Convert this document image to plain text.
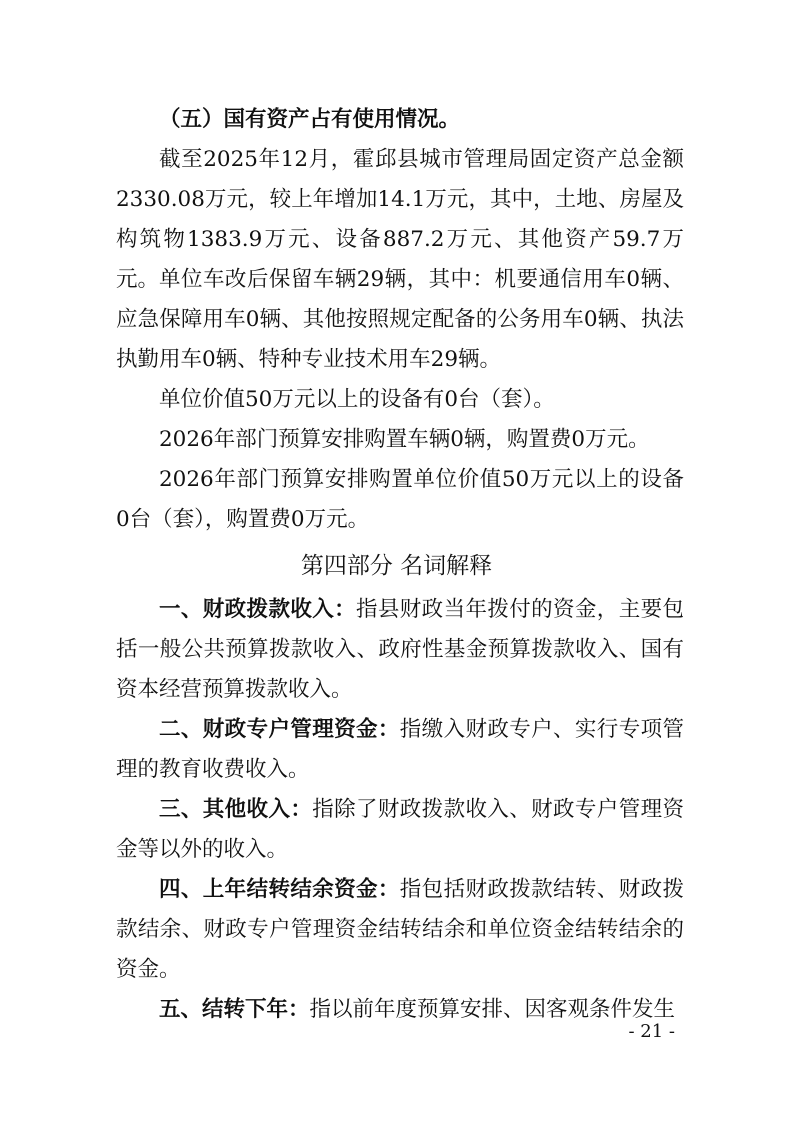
（五）国有资产占有使用情况。

截至2025年12月，霍邱县城市管理局固定资产总金额2330.08万元，较上年增加14.1万元，其中，土地、房屋及构筑物1383.9万元、设备887.2万元、其他资产59.7万元。 单位车改后保留车辆29辆，其中：机要通信用车0辆、应急保障用车0辆、其他按照规定配备的公务用车0辆、执法执勤用车0辆、特种专业技术用车29辆。

单位价值50万元以上的设备有0台（套）。

2026年部门预算安排购置车辆0辆，购置费0万元。

2026年部门预算安排购置单位价值50万元以上的设备0台（套），购置费0万元。

第四部分 名词解释

一、财政拨款收入：指县财政当年拨付的资金，主要包括一般公共预算拨款收入、政府性基金预算拨款收入、国有资本经营预算拨款收入。

二、财政专户管理资金：指缴入财政专户、实行专项管理的教育收费收入。

三、其他收入：指除了财政拨款收入、财政专户管理资金等以外的收入。

四、上年结转结余资金：指包括财政拨款结转、财政拨款结余、财政专户管理资金结转结余和单位资金结转结余的资金。

五、结转下年：指以前年度预算安排、因客观条件发生

- 21 -
